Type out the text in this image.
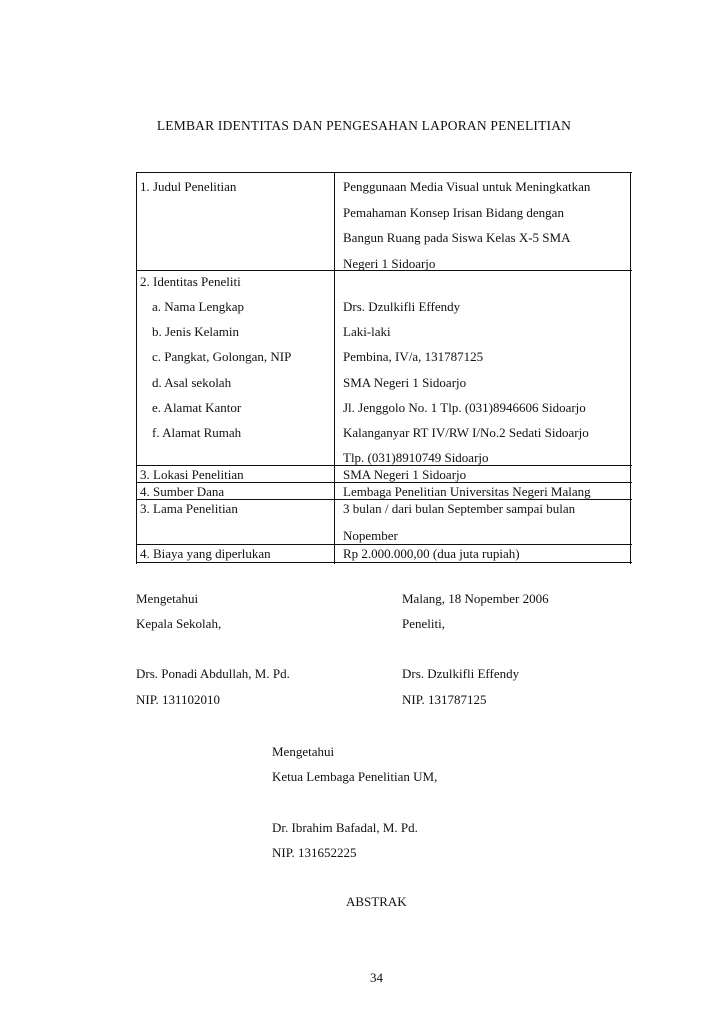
LEMBAR IDENTITAS DAN PENGESAHAN LAPORAN PENELITIAN
1. Judul Penelitian	Penggunaan Media Visual untuk Meningkatkan
Pemahaman Konsep Irisan Bidang dengan
Bangun Ruang pada Siswa Kelas X-5 SMA
Negeri 1 Sidoarjo
2. Identitas Peneliti
a. Nama Lengkap	Drs. Dzulkifli Effendy
b. Jenis Kelamin	Laki-laki
c. Pangkat, Golongan, NIP	Pembina, IV/a, 131787125
d. Asal sekolah	SMA Negeri 1 Sidoarjo
e. Alamat Kantor	Jl. Jenggolo No. 1 Tlp. (031)8946606 Sidoarjo
f. Alamat Rumah	Kalanganyar RT IV/RW I/No.2 Sedati Sidoarjo
Tlp. (031)8910749 Sidoarjo
3. Lokasi Penelitian	SMA Negeri 1 Sidoarjo
4. Sumber Dana	Lembaga Penelitian Universitas Negeri Malang
3. Lama Penelitian	3 bulan / dari bulan September sampai bulan
Nopember
4. Biaya yang diperlukan	Rp 2.000.000,00 (dua juta rupiah)
Mengetahui
Kepala Sekolah,
Drs. Ponadi Abdullah, M. Pd.
NIP. 131102010
Malang, 18 Nopember 2006
Peneliti,
Drs. Dzulkifli Effendy
NIP. 131787125
Mengetahui
Ketua Lembaga Penelitian UM,
Dr. Ibrahim Bafadal, M. Pd.
NIP. 131652225
ABSTRAK
34
